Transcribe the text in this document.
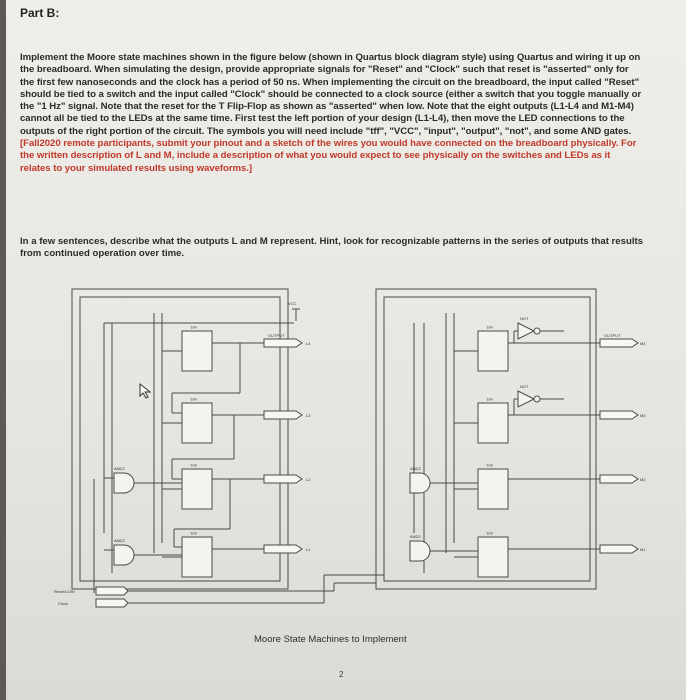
Part B:
Implement the Moore state machines shown in the figure below (shown in Quartus block diagram style) using Quartus and wiring it up on the breadboard. When simulating the design, provide appropriate signals for "Reset" and "Clock" such that reset is "asserted" only for the first few nanoseconds and the clock has a period of 50 ns. When implementing the circuit on the breadboard, the input called "Reset" should be tied to a switch and the input called "Clock" should be connected to a clock source (either a switch that you toggle manually or the "1 Hz" signal. Note that the reset for the T Flip-Flop as shown as "asserted" when low. Note that the eight outputs (L1-L4 and M1-M4) cannot all be tied to the LEDs at the same time. First test the left portion of your design (L1-L4), then move the LED connections to the outputs of the right portion of the circuit. The symbols you will need include "tff", "VCC", "input", "output", "not", and some AND gates. [Fall2020 remote participants, submit your pinout and a sketch of the wires you would have connected on the breadboard physically. For the written description of L and M, include a description of what you would expect to see physically on the switches and LEDs as it relates to your simulated results using waveforms.]
In a few sentences, describe what the outputs L and M represent. Hint, look for recognizable patterns in the series of outputs that results from continued operation over time.
L4
L3
L2
L1
M4
M3
M2
M1
AND2
AND2
AND2
AND2
TFF
TFF
TFF
TFF
TFF
TFF
TFF
TFF
NOT
NOT
VCC
OUTPUT	OUTPUT
Reset/LOW
Clock
Moore State Machines to Implement
2
